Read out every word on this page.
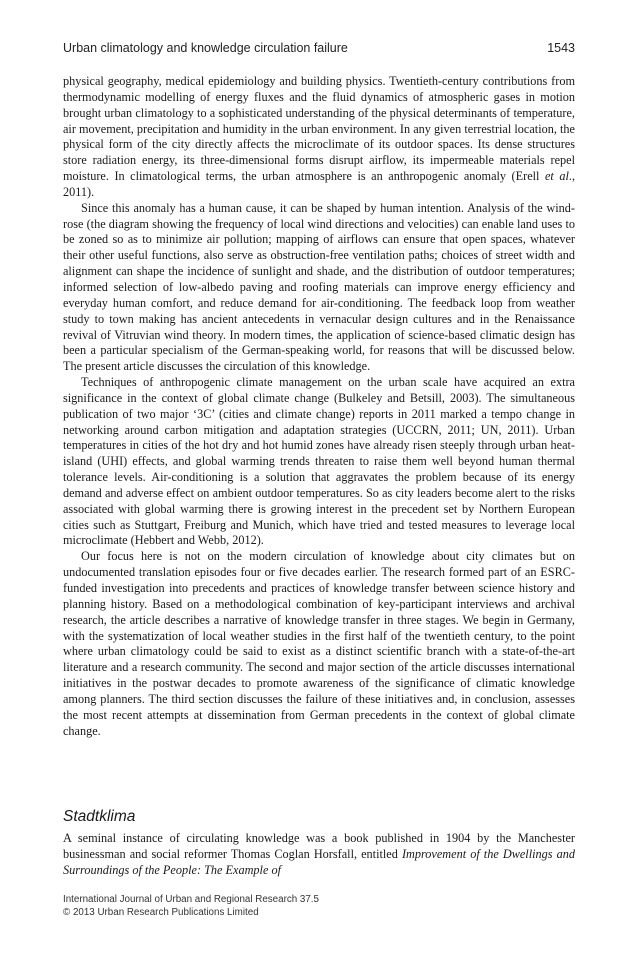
Urban climatology and knowledge circulation failure	1543

physical geography, medical epidemiology and building physics. Twentieth-century contributions from thermodynamic modelling of energy fluxes and the fluid dynamics of atmospheric gases in motion brought urban climatology to a sophisticated understanding of the physical determinants of temperature, air movement, precipitation and humidity in the urban environment. In any given terrestrial location, the physical form of the city directly affects the microclimate of its outdoor spaces. Its dense structures store radiation energy, its three-dimensional forms disrupt airflow, its impermeable materials repel moisture. In climatological terms, the urban atmosphere is an anthropogenic anomaly (Erell et al., 2011).

Since this anomaly has a human cause, it can be shaped by human intention. Analysis of the wind-rose (the diagram showing the frequency of local wind directions and velocities) can enable land uses to be zoned so as to minimize air pollution; mapping of airflows can ensure that open spaces, whatever their other useful functions, also serve as obstruction-free ventilation paths; choices of street width and alignment can shape the incidence of sunlight and shade, and the distribution of outdoor temperatures; informed selection of low-albedo paving and roofing materials can improve energy efficiency and everyday human comfort, and reduce demand for air-conditioning. The feedback loop from weather study to town making has ancient antecedents in vernacular design cultures and in the Renaissance revival of Vitruvian wind theory. In modern times, the application of science-based climatic design has been a particular specialism of the German-speaking world, for reasons that will be discussed below. The present article discusses the circulation of this knowledge.

Techniques of anthropogenic climate management on the urban scale have acquired an extra significance in the context of global climate change (Bulkeley and Betsill, 2003). The simultaneous publication of two major ‘3C’ (cities and climate change) reports in 2011 marked a tempo change in networking around carbon mitigation and adaptation strategies (UCCRN, 2011; UN, 2011). Urban temperatures in cities of the hot dry and hot humid zones have already risen steeply through urban heat-island (UHI) effects, and global warming trends threaten to raise them well beyond human thermal tolerance levels. Air-conditioning is a solution that aggravates the problem because of its energy demand and adverse effect on ambient outdoor temperatures. So as city leaders become alert to the risks associated with global warming there is growing interest in the precedent set by Northern European cities such as Stuttgart, Freiburg and Munich, which have tried and tested measures to leverage local microclimate (Hebbert and Webb, 2012).

Our focus here is not on the modern circulation of knowledge about city climates but on undocumented translation episodes four or five decades earlier. The research formed part of an ESRC-funded investigation into precedents and practices of knowledge transfer between science history and planning history. Based on a methodological combination of key-participant interviews and archival research, the article describes a narrative of knowledge transfer in three stages. We begin in Germany, with the systematization of local weather studies in the first half of the twentieth century, to the point where urban climatology could be said to exist as a distinct scientific branch with a state-of-the-art literature and a research community. The second and major section of the article discusses international initiatives in the postwar decades to promote awareness of the significance of climatic knowledge among planners. The third section discusses the failure of these initiatives and, in conclusion, assesses the most recent attempts at dissemination from German precedents in the context of global climate change.

Stadtklima

A seminal instance of circulating knowledge was a book published in 1904 by the Manchester businessman and social reformer Thomas Coglan Horsfall, entitled Improvement of the Dwellings and Surroundings of the People: The Example of

International Journal of Urban and Regional Research 37.5
© 2013 Urban Research Publications Limited
